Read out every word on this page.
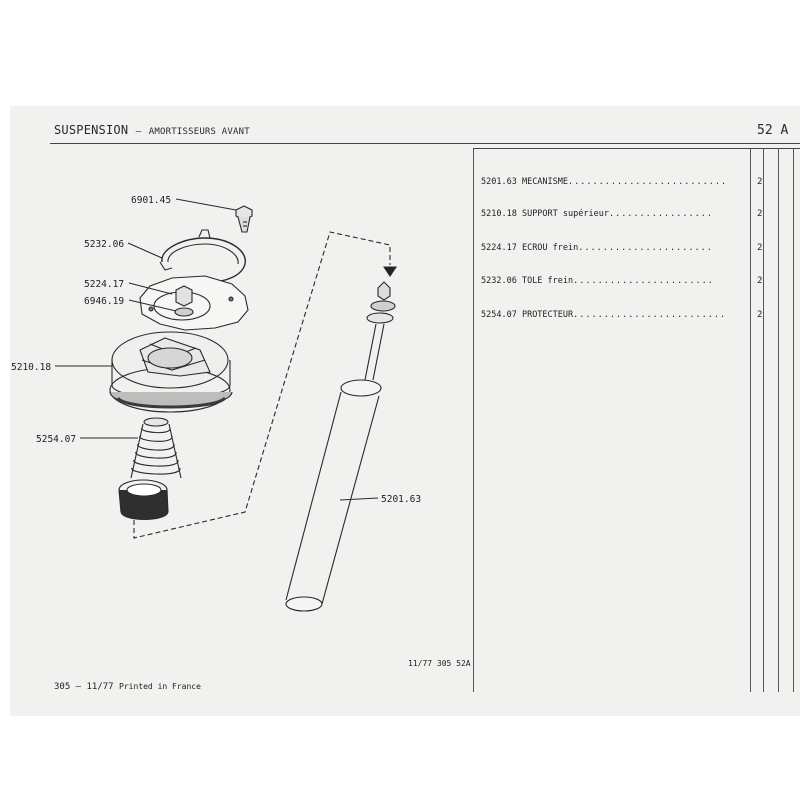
SUSPENSION – AMORTISSEURS AVANT	52 A
5201.63 MECANISME..........................	2
5210.18 SUPPORT supérieur.................	2
5224.17 ECROU frein......................	2
5232.06 TOLE frein.......................	2
5254.07 PROTECTEUR.........................	2
6901.45
5232.06
5224.17
6946.19
5210.18
5254.07
5201.63
11/77 305 52A
305 – 11/77 Printed in France
